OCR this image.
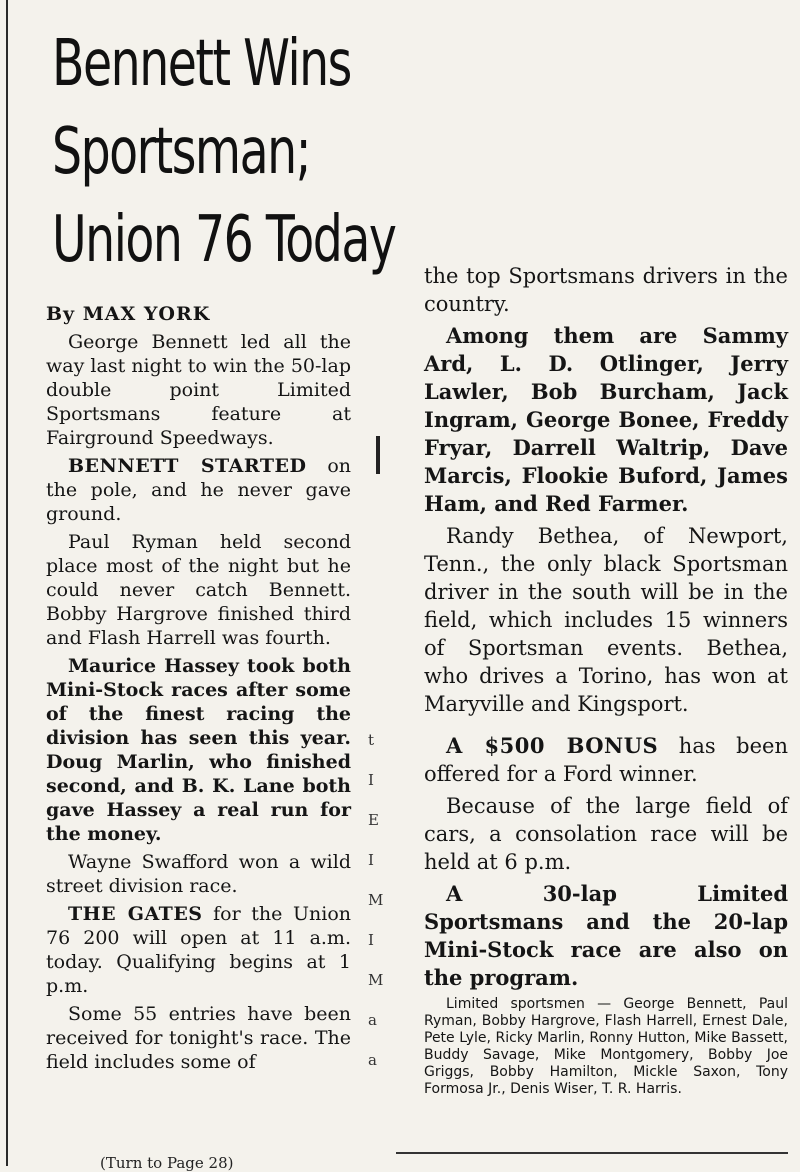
Bennett Wins
Sportsman;
Union 76 Today

By MAX YORK

George Bennett led all the way last night to win the 50-lap double point Limited Sportsmans feature at Fairground Speedways.

BENNETT STARTED on the pole, and he never gave ground.

Paul Ryman held second place most of the night but he could never catch Bennett. Bobby Hargrove finished third and Flash Harrell was fourth.

Maurice Hassey took both Mini-Stock races after some of the finest racing the division has seen this year. Doug Marlin, who finished second, and B. K. Lane both gave Hassey a real run for the money.

Wayne Swafford won a wild street division race.

THE GATES for the Union 76 200 will open at 11 a.m. today. Qualifying begins at 1 p.m.

Some 55 entries have been received for tonight's race. The field includes some of

(Turn to Page 28)
t
I
E
I
M
I
M
a
a

the top Sportsmans drivers in the country.

Among them are Sammy Ard, L. D. Otlinger, Jerry Lawler, Bob Burcham, Jack Ingram, George Bonee, Freddy Fryar, Darrell Waltrip, Dave Marcis, Flookie Buford, James Ham, and Red Farmer.

Randy Bethea, of Newport, Tenn., the only black Sportsman driver in the south will be in the field, which includes 15 winners of Sportsman events. Bethea, who drives a Torino, has won at Maryville and Kingsport.

A $500 BONUS has been offered for a Ford winner.

Because of the large field of cars, a consolation race will be held at 6 p.m.

A 30-lap Limited Sportsmans and the 20-lap Mini-Stock race are also on the program.

Limited sportsmen — George Bennett, Paul Ryman, Bobby Hargrove, Flash Harrell, Ernest Dale, Pete Lyle, Ricky Marlin, Ronny Hutton, Mike Bassett, Buddy Savage, Mike Montgomery, Bobby Joe Griggs, Bobby Hamilton, Mickle Saxon, Tony Formosa Jr., Denis Wiser, T. R. Harris.
